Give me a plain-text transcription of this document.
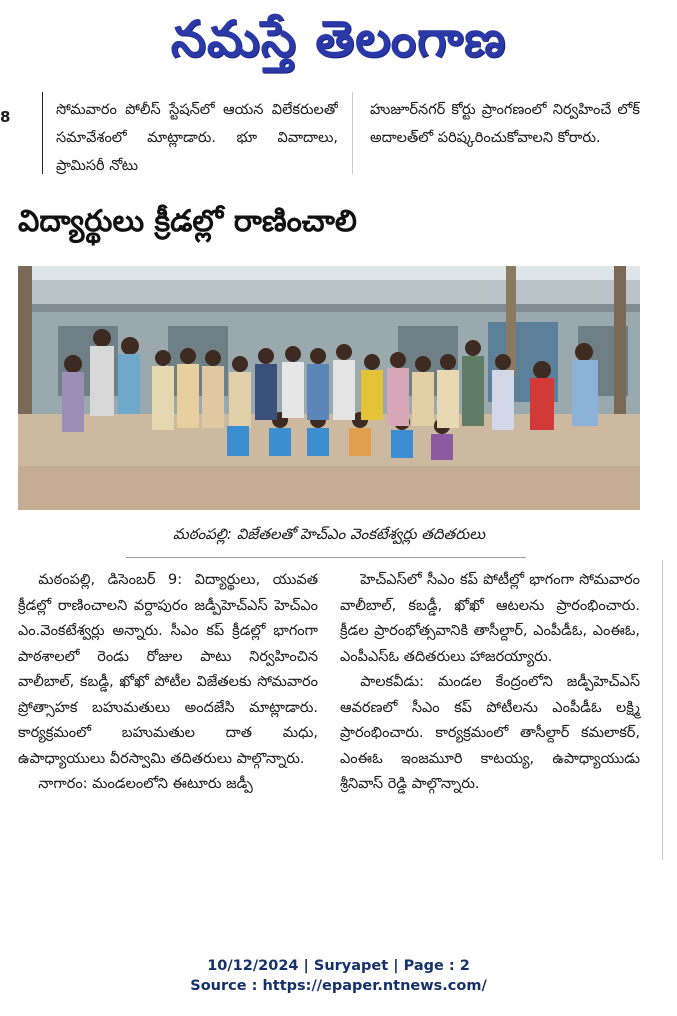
నమస్తే తెలంగాణ
8	సోమవారం పోలీస్ స్టేషన్‌లో ఆయన విలేకరులతో సమావేశంలో మాట్లాడారు. భూ వివాదాలు, ప్రామిసరీ నోటు
హుజూర్‌నగర్ కోర్టు ప్రాంగణంలో నిర్వహించే లోక్ అదాలత్‌లో పరిష్కరించుకోవాలని కోరారు.
విద్యార్థులు క్రీడల్లో రాణించాలి
మఠంపల్లి: విజేతలతో హెచ్‌ఎం వెంకటేశ్వర్లు తదితరులు

మఠంపల్లి, డిసెంబర్ 9: విద్యార్థులు, యువత క్రీడల్లో రాణించాలని వర్దాపురం జడ్పీహెచ్‌ఎస్ హెచ్‌ఎం ఎం.వెంకటేశ్వర్లు అన్నారు. సీఎం కప్ క్రీడల్లో భాగంగా పాఠశాలలో రెండు రోజుల పాటు నిర్వహించిన వాలీబాల్, కబడ్డీ, ఖోఖో పోటీల విజేతలకు సోమవారం ప్రోత్సాహక బహుమతులు అందజేసి మాట్లాడారు. కార్యక్రమంలో బహుమతుల దాత మధు, ఉపాధ్యాయులు వీరస్వామి తదితరులు పాల్గొన్నారు.

నాగారం: మండలంలోని ఈటూరు జడ్పీ

హెచ్‌ఎస్‌లో సీఎం కప్ పోటీల్లో భాగంగా సోమవారం వాలీబాల్, కబడ్డీ, ఖోఖో ఆటలను ప్రారంభించారు. క్రీడల ప్రారంభోత్సవానికి తాసీల్దార్, ఎంపీడీఓ, ఎంఈఓ, ఎంపీఎస్‌ఓ తదితరులు హాజరయ్యారు.

పాలకవీడు: మండల కేంద్రంలోని జడ్పీహెచ్‌ఎస్ ఆవరణలో సీఎం కప్ పోటీలను ఎంపీడీఓ లక్ష్మి ప్రారంభించారు. కార్యక్రమంలో తాసీల్దార్ కమలాకర్, ఎంఈఓ ఇంజమూరి కాటయ్య, ఉపాధ్యాయుడు శ్రీనివాస్ రెడ్డి పాల్గొన్నారు.

10/12/2024 | Suryapet | Page : 2
Source : https://epaper.ntnews.com/
